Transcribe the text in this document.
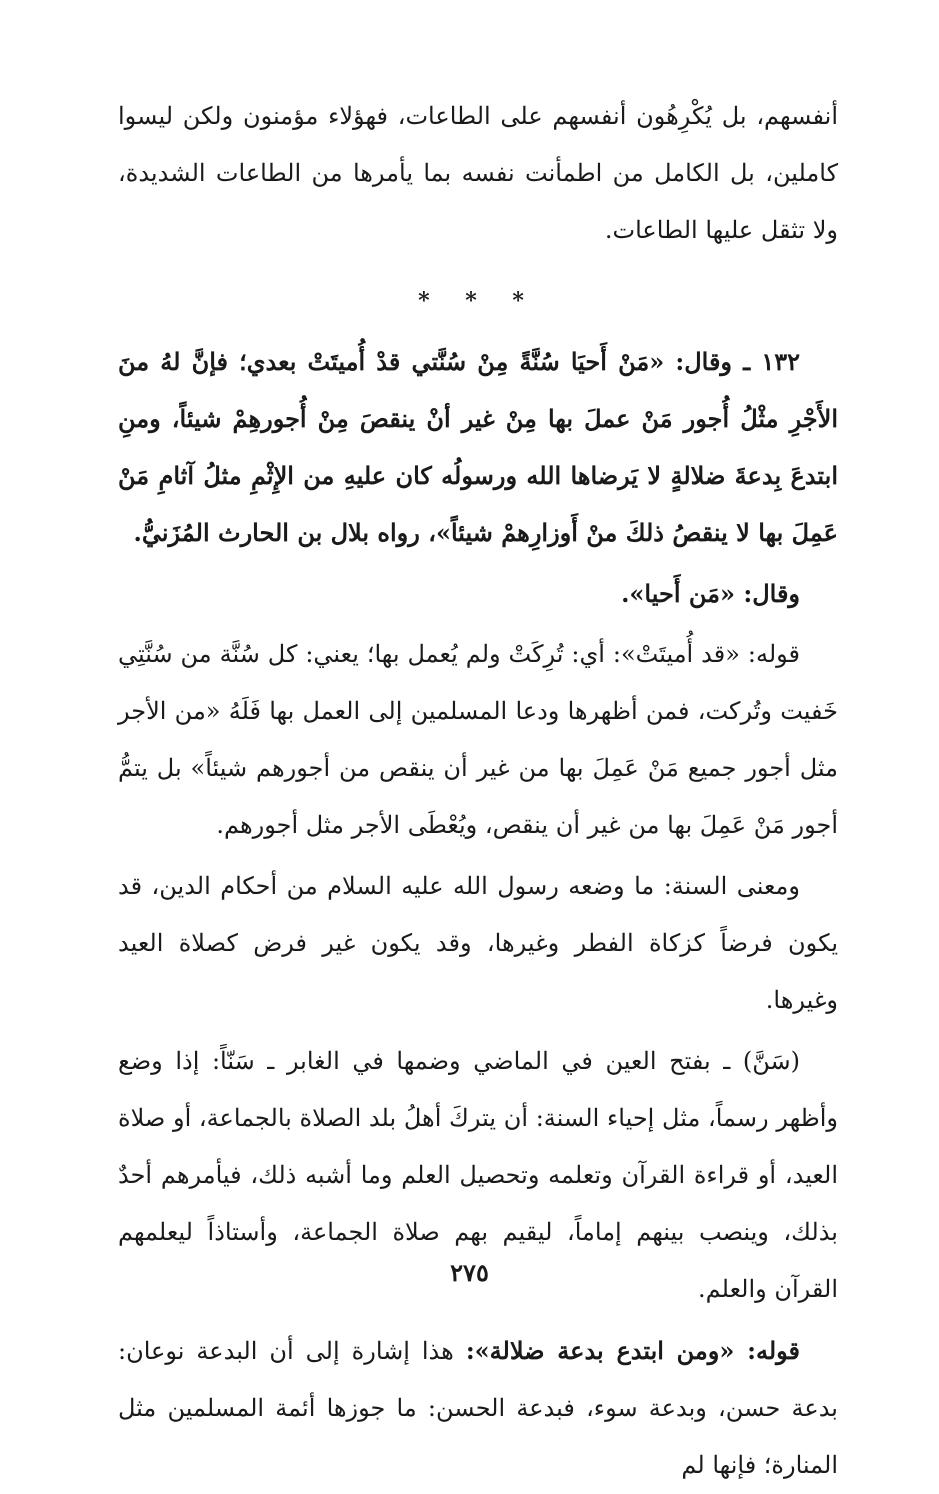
أنفسهم، بل يُكْرِهُون أنفسهم على الطاعات، فهؤلاء مؤمنون ولكن ليسوا كاملين، بل الكامل من اطمأنت نفسه بما يأمرها من الطاعات الشديدة، ولا تثقل عليها الطاعات.

* * *

١٣٢ ـ وقال: «مَنْ أَحيَا سُنَّةً مِنْ سُنَّتي قدْ أُميتَتْ بعدي؛ فإنَّ لهُ منَ الأَجْرِ مثْلُ أُجور مَنْ عملَ بها مِنْ غير أنْ ينقصَ مِنْ أُجورهِمْ شيئاً، ومنِ ابتدعَ بِدعةَ ضلالةٍ لا يَرضاها الله ورسولُه كان عليهِ من الإِثْمِ مثلُ آثامِ مَنْ عَمِلَ بها لا ينقصُ ذلكَ منْ أَوزارِهمْ شيئاً»، رواه بلال بن الحارث المُزَنيُّ.

وقال: «مَن أَحيا».

قوله: «قد أُميتَتْ»: أي: تُرِكَتْ ولم يُعمل بها؛ يعني: كل سُنَّة من سُنَّتِي خَفيت وتُركت، فمن أظهرها ودعا المسلمين إلى العمل بها فَلَهُ «من الأجر مثل أجور جميع مَنْ عَمِلَ بها من غير أن ينقص من أجورهم شيئاً» بل يتمُّ أجور مَنْ عَمِلَ بها من غير أن ينقص، ويُعْطَى الأجر مثل أجورهم.

ومعنى السنة: ما وضعه رسول الله عليه السلام من أحكام الدين، قد يكون فرضاً كزكاة الفطر وغيرها، وقد يكون غير فرض كصلاة العيد وغيرها.

(سَنَّ) ـ بفتح العين في الماضي وضمها في الغابر ـ سَنّاً: إذا وضع وأظهر رسماً، مثل إحياء السنة: أن يتركَ أهلُ بلد الصلاة بالجماعة، أو صلاة العيد، أو قراءة القرآن وتعلمه وتحصيل العلم وما أشبه ذلك، فيأمرهم أحدٌ بذلك، وينصب بينهم إماماً، ليقيم بهم صلاة الجماعة، وأستاذاً ليعلمهم القرآن والعلم.

قوله: «ومن ابتدع بدعة ضلالة»: هذا إشارة إلى أن البدعة نوعان: بدعة حسن، وبدعة سوء، فبدعة الحسن: ما جوزها أئمة المسلمين مثل المنارة؛ فإنها لم

٢٧٥
